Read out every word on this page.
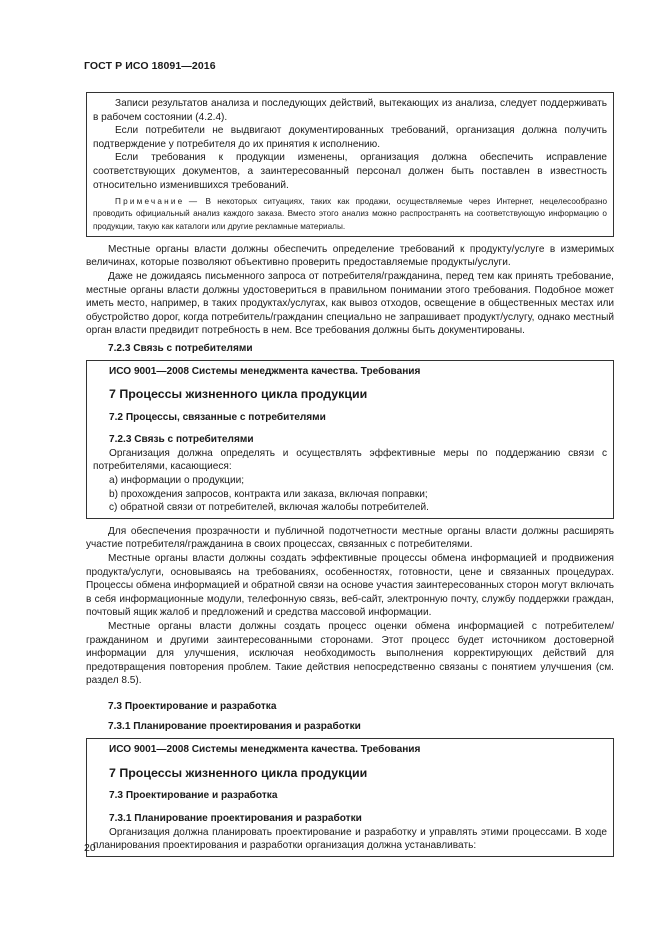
ГОСТ Р ИСО 18091—2016

Записи результатов анализа и последующих действий, вытекающих из анализа, следует поддерживать в рабочем состоянии (4.2.4).

Если потребители не выдвигают документированных требований, организация должна получить подтверждение у потребителя до их принятия к исполнению.

Если требования к продукции изменены, организация должна обеспечить исправление соответствующих документов, а заинтересованный персонал должен быть поставлен в известность относительно изменившихся требований.

Примечание — В некоторых ситуациях, таких как продажи, осуществляемые через Интернет, нецелесообразно проводить официальный анализ каждого заказа. Вместо этого анализ можно распространять на соответствующую информацию о продукции, такую как каталоги или другие рекламные материалы.

Местные органы власти должны обеспечить определение требований к продукту/услуге в измеримых величинах, которые позволяют объективно проверить предоставляемые продукты/услуги.

Даже не дожидаясь письменного запроса от потребителя/гражданина, перед тем как принять требование, местные органы власти должны удостовериться в правильном понимании этого требования. Подобное может иметь место, например, в таких продуктах/услугах, как вывоз отходов, освещение в общественных местах или обустройство дорог, когда потребитель/гражданин специально не запрашивает продукт/услугу, однако местный орган власти предвидит потребность в нем. Все требования должны быть документированы.

7.2.3 Связь с потребителями

ИСО 9001—2008 Системы менеджмента качества. Требования

7 Процессы жизненного цикла продукции

7.2 Процессы, связанные с потребителями

7.2.3 Связь с потребителями

Организация должна определять и осуществлять эффективные меры по поддержанию связи с потребителями, касающиеся:

а) информации о продукции;

b) прохождения запросов, контракта или заказа, включая поправки;

c) обратной связи от потребителей, включая жалобы потребителей.

Для обеспечения прозрачности и публичной подотчетности местные органы власти должны расширять участие потребителя/гражданина в своих процессах, связанных с потребителями.

Местные органы власти должны создать эффективные процессы обмена информацией и продвижения продукта/услуги, основываясь на требованиях, особенностях, готовности, цене и связанных процедурах. Процессы обмена информацией и обратной связи на основе участия заинтересованных сторон могут включать в себя информационные модули, телефонную связь, веб-сайт, электронную почту, службу поддержки граждан, почтовый ящик жалоб и предложений и средства массовой информации.

Местные органы власти должны создать процесс оценки обмена информацией с потребителем/гражданином и другими заинтересованными сторонами. Этот процесс будет источником достоверной информации для улучшения, исключая необходимость выполнения корректирующих действий для предотвращения повторения проблем. Такие действия непосредственно связаны с понятием улучшения (см. раздел 8.5).

7.3 Проектирование и разработка

7.3.1 Планирование проектирования и разработки

ИСО 9001—2008 Системы менеджмента качества. Требования

7 Процессы жизненного цикла продукции

7.3 Проектирование и разработка

7.3.1 Планирование проектирования и разработки

Организация должна планировать проектирование и разработку и управлять этими процессами. В ходе планирования проектирования и разработки организация должна устанавливать:

20
